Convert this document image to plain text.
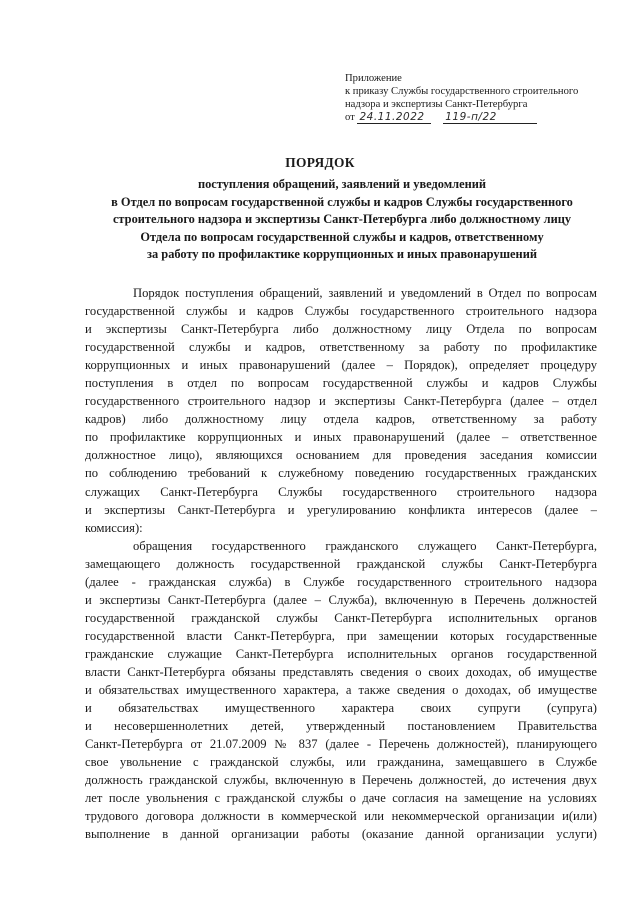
Приложение
к приказу Службы государственного строительного
надзора и экспертизы Санкт-Петербурга
от 24.11.2022 119-п/22
ПОРЯДОК
поступления обращений, заявлений и уведомлений
в Отдел по вопросам государственной службы и кадров Службы государственного
строительного надзора и экспертизы Санкт-Петербурга либо должностному лицу
Отдела по вопросам государственной службы и кадров, ответственному
за работу по профилактике коррупционных и иных правонарушений
Порядок поступления обращений, заявлений и уведомлений в Отдел по вопросам
государственной службы и кадров Службы государственного строительного надзора
и экспертизы Санкт-Петербурга либо должностному лицу Отдела по вопросам
государственной службы и кадров, ответственному за работу по профилактике
коррупционных и иных правонарушений (далее – Порядок), определяет процедуру
поступления в отдел по вопросам государственной службы и кадров Службы
государственного строительного надзор и экспертизы Санкт-Петербурга (далее – отдел
кадров) либо должностному лицу отдела кадров, ответственному за работу
по профилактике коррупционных и иных правонарушений (далее – ответственное
должностное лицо), являющихся основанием для проведения заседания комиссии
по соблюдению требований к служебному поведению государственных гражданских
служащих Санкт-Петербурга Службы государственного строительного надзора
и экспертизы Санкт-Петербурга и урегулированию конфликта интересов (далее –
комиссия):
обращения государственного гражданского служащего Санкт-Петербурга,
замещающего должность государственной гражданской службы Санкт-Петербурга
(далее - гражданская служба) в Службе государственного строительного надзора
и экспертизы Санкт-Петербурга (далее – Служба), включенную в Перечень должностей
государственной гражданской службы Санкт-Петербурга исполнительных органов
государственной власти Санкт-Петербурга, при замещении которых государственные
гражданские служащие Санкт-Петербурга исполнительных органов государственной
власти Санкт-Петербурга обязаны представлять сведения о своих доходах, об имуществе
и обязательствах имущественного характера, а также сведения о доходах, об имуществе
и обязательствах имущественного характера своих супруги (супруга)
и несовершеннолетних детей, утвержденный постановлением Правительства
Санкт-Петербурга от 21.07.2009 № 837 (далее - Перечень должностей), планирующего
свое увольнение с гражданской службы, или гражданина, замещавшего в Службе
должность гражданской службы, включенную в Перечень должностей, до истечения двух
лет после увольнения с гражданской службы о даче согласия на замещение на условиях
трудового договора должности в коммерческой или некоммерческой организации и(или)
выполнение в данной организации работы (оказание данной организации услуги)
